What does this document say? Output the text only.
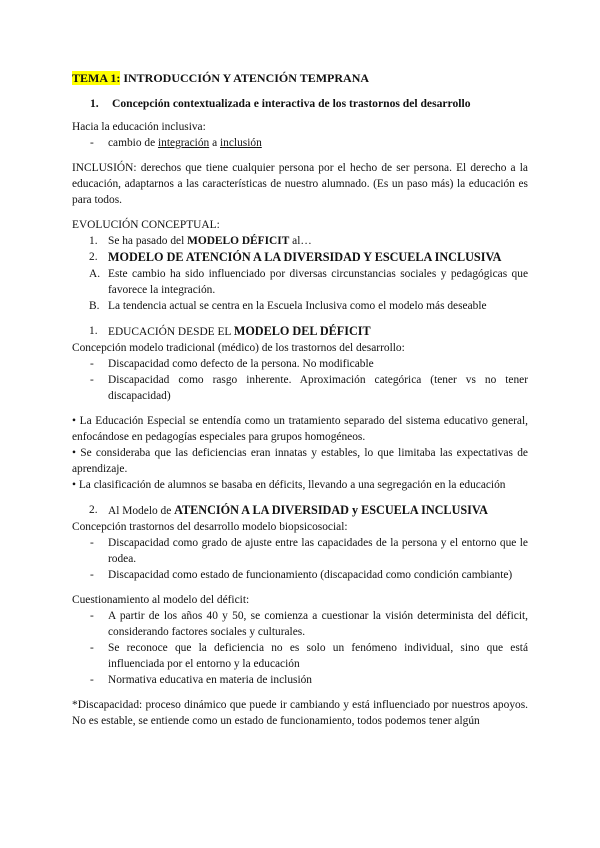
TEMA 1: INTRODUCCIÓN Y ATENCIÓN TEMPRANA

1. Concepción contextualizada e interactiva de los trastornos del desarrollo

Hacia la educación inclusiva:

- cambio de integración a inclusión

INCLUSIÓN: derechos que tiene cualquier persona por el hecho de ser persona. El derecho a la educación, adaptarnos a las características de nuestro alumnado. (Es un paso más) la educación es para todos.

EVOLUCIÓN CONCEPTUAL:

1. Se ha pasado del MODELO DÉFICIT al…
2. MODELO DE ATENCIÓN A LA DIVERSIDAD Y ESCUELA INCLUSIVA
A. Este cambio ha sido influenciado por diversas circunstancias sociales y pedagógicas que favorece la integración.
B. La tendencia actual se centra en la Escuela Inclusiva como el modelo más deseable

1. EDUCACIÓN DESDE EL MODELO DEL DÉFICIT

Concepción modelo tradicional (médico) de los trastornos del desarrollo:

- Discapacidad como defecto de la persona. No modificable
- Discapacidad como rasgo inherente. Aproximación categórica (tener vs no tener discapacidad)

• La Educación Especial se entendía como un tratamiento separado del sistema educativo general, enfocándose en pedagogías especiales para grupos homogéneos.

• Se consideraba que las deficiencias eran innatas y estables, lo que limitaba las expectativas de aprendizaje.

• La clasificación de alumnos se basaba en déficits, llevando a una segregación en la educación

2. Al Modelo de ATENCIÓN A LA DIVERSIDAD y ESCUELA INCLUSIVA

Concepción trastornos del desarrollo modelo biopsicosocial:

- Discapacidad como grado de ajuste entre las capacidades de la persona y el entorno que le rodea.
- Discapacidad como estado de funcionamiento (discapacidad como condición cambiante)

Cuestionamiento al modelo del déficit:

- A partir de los años 40 y 50, se comienza a cuestionar la visión determinista del déficit, considerando factores sociales y culturales.
- Se reconoce que la deficiencia no es solo un fenómeno individual, sino que está influenciada por el entorno y la educación
- Normativa educativa en materia de inclusión

*Discapacidad: proceso dinámico que puede ir cambiando y está influenciado por nuestros apoyos. No es estable, se entiende como un estado de funcionamiento, todos podemos tener algún
